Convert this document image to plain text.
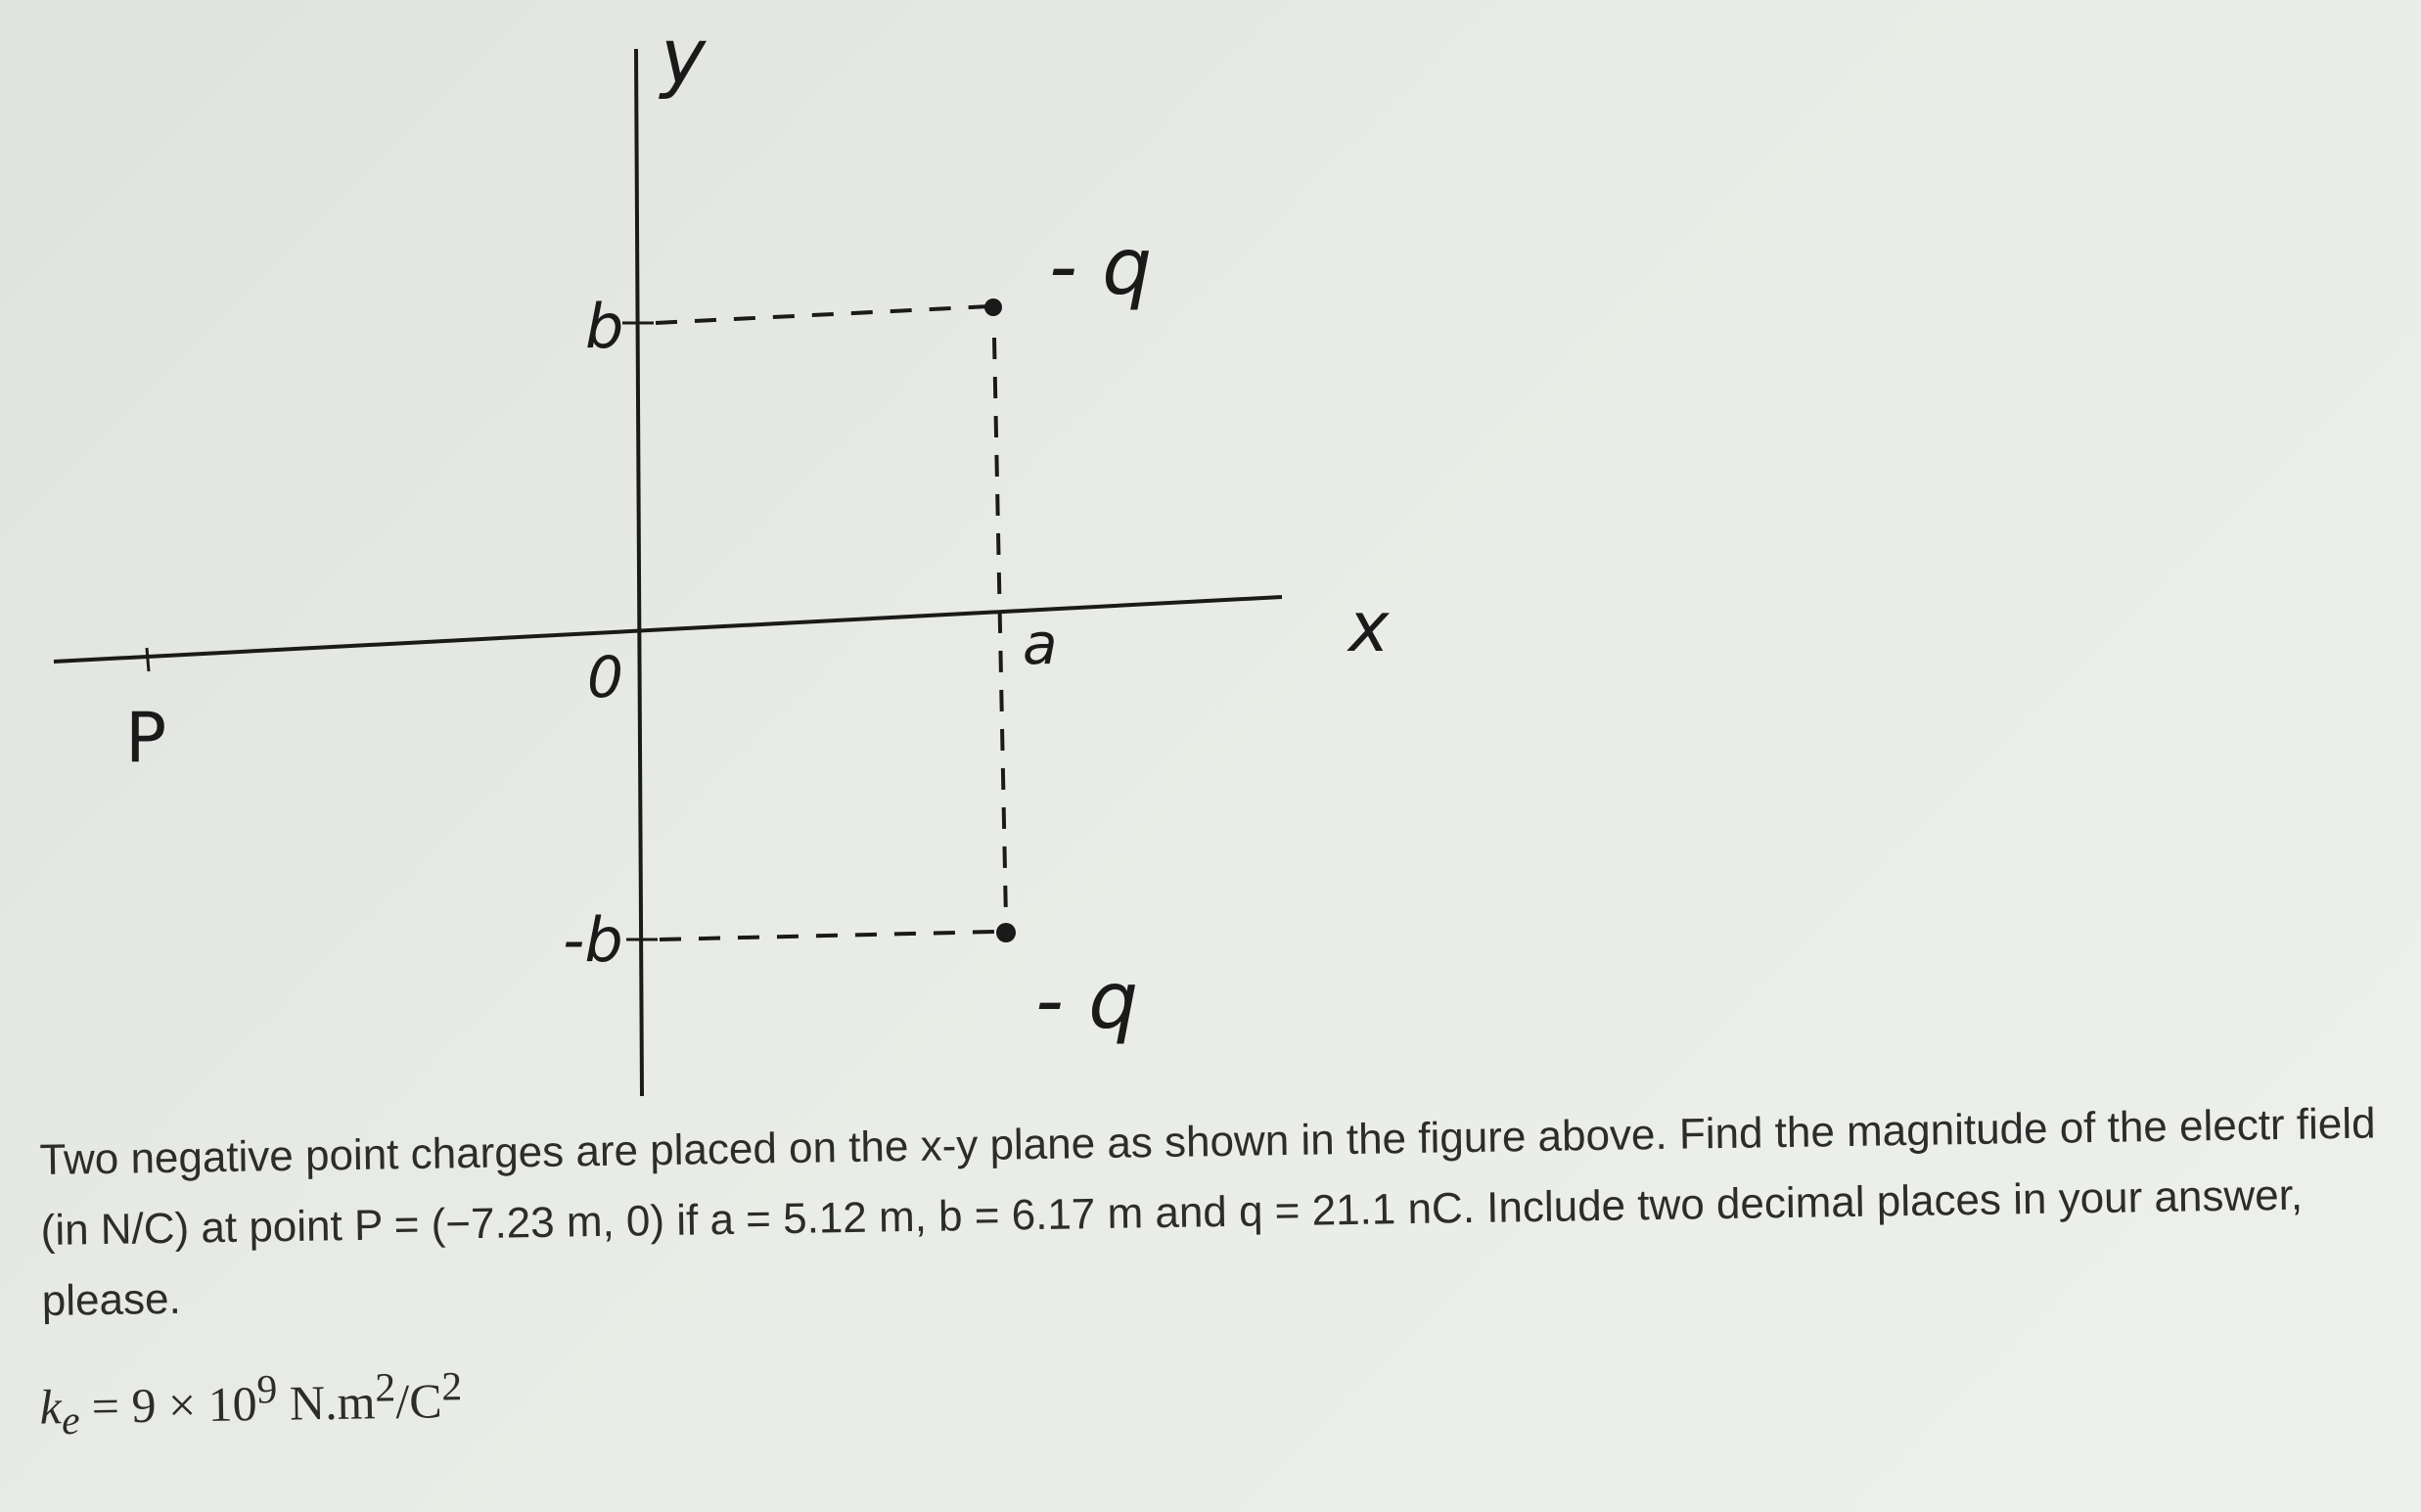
y
x
0
b
-b
a
P
- q
- q

Two negative point charges are placed on the x-y plane as shown in the figure above. Find the magnitude of the electr field (in N/C) at point P = (−7.23 m, 0) if a = 5.12 m, b = 6.17 m and q = 21.1 nC. Include two decimal places in your answer, please.

$k_e = 9 \times 10^9$ $N.m^2/C^2$
